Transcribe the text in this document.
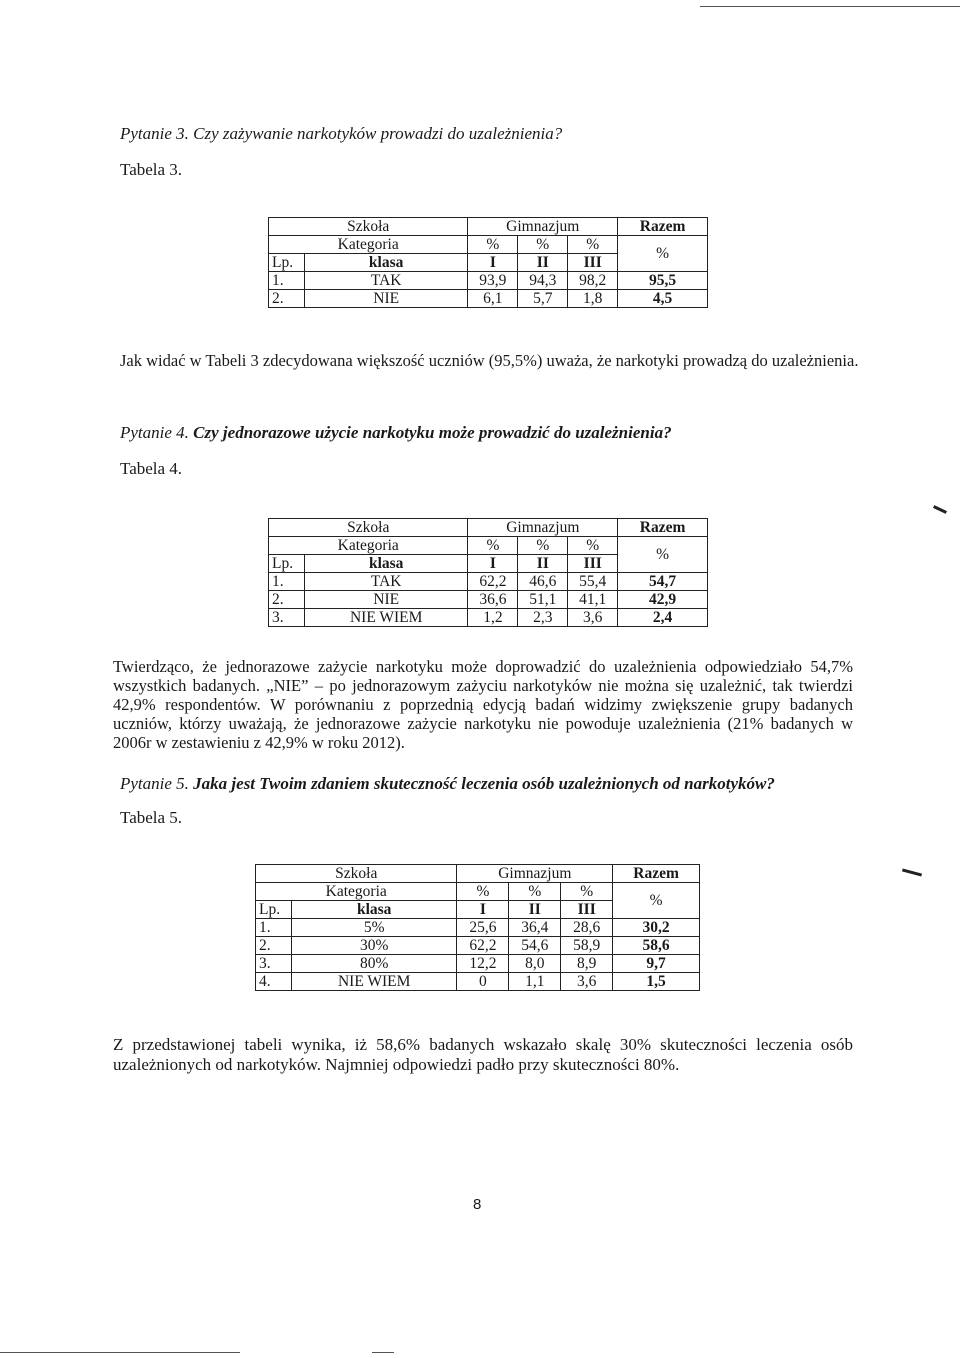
Pytanie 3. Czy zażywanie narkotyków prowadzi do uzależnienia?
Tabela 3.
Szkoła		Gimnazjum			Razem
Kategoria		%	%	%	%
Lp.	klasa	I	II	III	
1.	TAK	93,9	94,3	98,2	95,5
2.	NIE	6,1	5,7	1,8	4,5
Jak widać w Tabeli 3 zdecydowana większość uczniów (95,5%) uważa, że narkotyki prowadzą do uzależnienia.
Pytanie 4. Czy jednorazowe użycie narkotyku może prowadzić do uzależnienia?
Tabela 4.
Szkoła		Gimnazjum			Razem
Kategoria		%	%	%	%
Lp.	klasa	I	II	III	
1.	TAK	62,2	46,6	55,4	54,7
2.	NIE	36,6	51,1	41,1	42,9
3.	NIE WIEM	1,2	2,3	3,6	2,4
Twierdząco, że jednorazowe zażycie narkotyku może doprowadzić do uzależnienia odpowiedziało 54,7% wszystkich badanych. „NIE” – po jednorazowym zażyciu narkotyków nie można się uzależnić, tak twierdzi 42,9% respondentów. W porównaniu z poprzednią edycją badań widzimy zwiększenie grupy badanych uczniów, którzy uważają, że jednorazowe zażycie narkotyku nie powoduje uzależnienia (21% badanych w 2006r w zestawieniu z 42,9% w roku 2012).
Pytanie 5. Jaka jest Twoim zdaniem skuteczność leczenia osób uzależnionych od narkotyków?
Tabela 5.
Szkoła		Gimnazjum			Razem
Kategoria		%	%	%	%
Lp.	klasa	I	II	III	
1.	5%	25,6	36,4	28,6	30,2
2.	30%	62,2	54,6	58,9	58,6
3.	80%	12,2	8,0	8,9	9,7
4.	NIE WIEM	0	1,1	3,6	1,5
Z przedstawionej tabeli wynika, iż 58,6% badanych wskazało skalę 30% skuteczności leczenia osób uzależnionych od narkotyków. Najmniej odpowiedzi padło przy skuteczności 80%.
8
